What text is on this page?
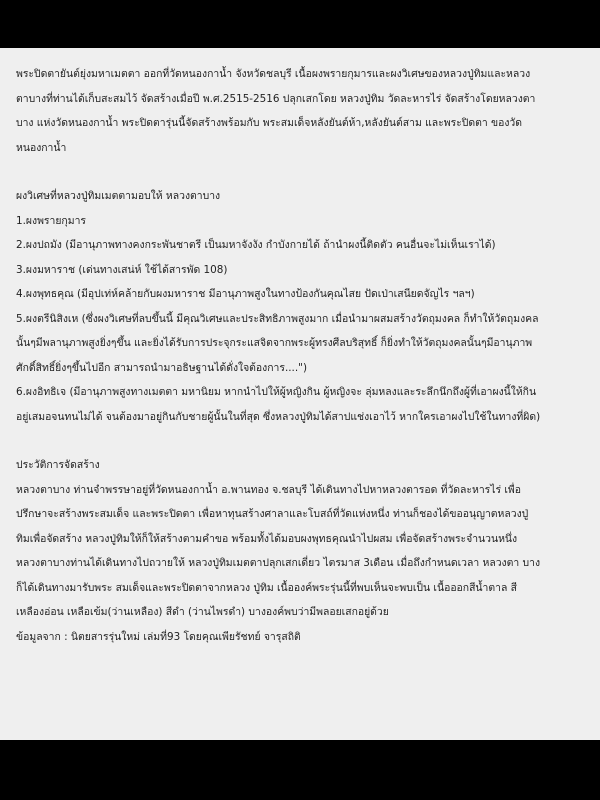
พระปิดตายันต์ยุ่งมหาเมตตา ออกที่วัดหนองกาน้ำ จังหวัดชลบุรี เนื้อผงพรายกุมารและผงวิเศษของหลวงปู่ทิมและหลวง
ตาบางที่ท่านได้เก็บสะสมไว้ จัดสร้างเมื่อปี พ.ศ.2515-2516 ปลุกเสกโดย หลวงปู่ทิม วัดละหารไร่ จัดสร้างโดยหลวงตา
บาง แห่งวัดหนองกาน้ำ พระปิดตารุ่นนี้จัดสร้างพร้อมกับ พระสมเด็จหลังยันต์ห้า,หลังยันต์สาม และพระปิดตา ของวัด
หนองกาน้ำ
ผงวิเศษที่หลวงปู่ทิมเมตตามอบให้ หลวงตาบาง
1.ผงพรายกุมาร
2.ผงปถมัง (มีอานุภาพทางคงกระพันชาตรี เป็นมหาจังงัง กำบังกายได้ ถ้านำผงนี้ติดตัว คนอื่นจะไม่เห็นเราได้)
3.ผงมหาราช (เด่นทางเสน่ห์ ใช้ได้สารพัด 108)
4.ผงพุทธคุณ (มีอุปเท่ห์คล้ายกับผงมหาราช มีอานุภาพสูงในทางป้องกันคุณไสย ปัดเป่าเสนียดจัญไร ฯลฯ)
5.ผงตรีนิสิงเห (ซึ่งผงวิเศษที่ลบขึ้นนี้ มีคุณวิเศษและประสิทธิภาพสูงมาก เมื่อนำมาผสมสร้างวัตถุมงคล ก็ทำให้วัตถุมงคล
นั้นๆมีพลานุภาพสูงยิ่งๆขึ้น และยิ่งได้รับการประจุกระแสจิตจากพระผู้ทรงศีลบริสุทธิ์ ก็ยิ่งทำให้วัตถุมงคลนั้นๆมีอานุภาพ
ศักดิ์สิทธิ์ยิ่งๆขึ้นไปอีก สามารถนำมาอธิษฐานได้ดั่งใจต้องการ....")
6.ผงอิทธิเจ (มีอานุภาพสูงทางเมตตา มหานิยม หากนำไปให้ผู้หญิงกิน ผู้หญิงจะ ลุ่มหลงและระลึกนึกถึงผู้ที่เอาผงนี้ให้กิน
อยู่เสมอจนทนไม่ได้ จนต้องมาอยู่กินกับชายผู้นั้นในที่สุด ซึ่งหลวงปู่ทิมได้สาปแช่งเอาไว้ หากใครเอาผงไปใช้ในทางที่ผิด)
ประวัติการจัดสร้าง
หลวงตาบาง ท่านจำพรรษาอยู่ที่วัดหนองกาน้ำ อ.พานทอง จ.ชลบุรี ได้เดินทางไปหาหลวงตารอด ที่วัดละหารไร่ เพื่อ
ปรึกษาจะสร้างพระสมเด็จ และพระปิดตา เพื่อหาทุนสร้างศาลาและโบสถ์ที่วัดแห่งหนึ่ง ท่านก็ชองได้ขออนุญาตหลวงปู่
ทิมเพื่อจัดสร้าง หลวงปู่ทิมให้ก็ให้สร้างตามคำขอ พร้อมทั้งได้มอบผงพุทธคุณนำไปผสม เพื่อจัดสร้างพระจำนวนหนึ่ง
หลวงตาบางท่านได้เดินทางไปถวายให้ หลวงปู่ทิมเมตตาปลุกเสกเดี่ยว ไตรมาส 3เดือน เมื่อถึงกำหนดเวลา หลวงตา บาง
ก็ได้เดินทางมารับพระ สมเด็จและพระปิดตาจากหลวง ปู่ทิม เนื้อองค์พระรุ่นนี้ที่พบเห็นจะพบเป็น เนื้อออกสีน้ำตาล สี
เหลืองอ่อน เหลือเข้ม(ว่านเหลือง) สีดำ (ว่านไพรดำ) บางองค์พบว่ามีพลอยเสกอยู่ด้วย
ข้อมูลจาก : นิตยสารรุ่นใหม่ เล่มที่93 โดยคุณเพียรัชทย์ จารุสถิติ
